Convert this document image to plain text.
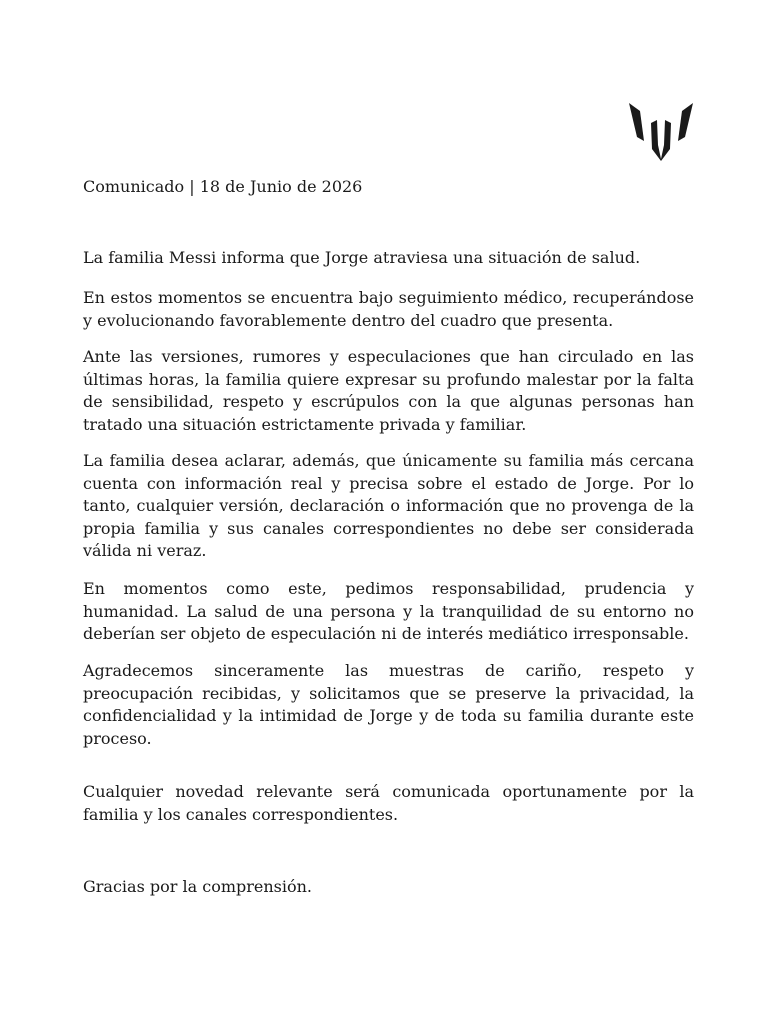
Comunicado | 18 de Junio de 2026

La familia Messi informa que Jorge atraviesa una situación de salud.

En estos momentos se encuentra bajo seguimiento médico, recuperándose y evolucionando favorablemente dentro del cuadro que presenta.

Ante las versiones, rumores y especulaciones que han circulado en las últimas horas, la familia quiere expresar su profundo malestar por la falta de sensibilidad, respeto y escrúpulos con la que algunas personas han tratado una situación estrictamente privada y familiar.

La familia desea aclarar, además, que únicamente su familia más cercana cuenta con información real y precisa sobre el estado de Jorge. Por lo tanto, cualquier versión, declaración o información que no provenga de la propia familia y sus canales correspondientes no debe ser considerada válida ni veraz.

En momentos como este, pedimos responsabilidad, prudencia y humanidad. La salud de una persona y la tranquilidad de su entorno no deberían ser objeto de especulación ni de interés mediático irresponsable.

Agradecemos sinceramente las muestras de cariño, respeto y preocupación recibidas, y solicitamos que se preserve la privacidad, la confidencialidad y la intimidad de Jorge y de toda su familia durante este proceso.

Cualquier novedad relevante será comunicada oportunamente por la familia y los canales correspondientes.

Gracias por la comprensión.
